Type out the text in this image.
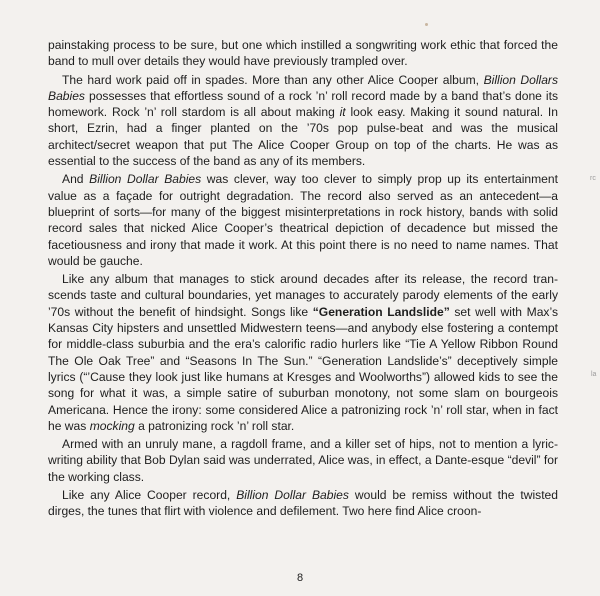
painstaking process to be sure, but one which instilled a songwriting work ethic that forced the band to mull over details they would have previously trampled over.

The hard work paid off in spades. More than any other Alice Cooper album, Billion Dollars Babies possesses that effortless sound of a rock ’n’ roll record made by a band that’s done its homework. Rock ’n’ roll stardom is all about making it look easy. Making it sound natural. In short, Ezrin, had a finger planted on the ’70s pop pulse-beat and was the musical architect/secret weapon that put The Alice Cooper Group on top of the charts. He was as essential to the success of the band as any of its members.

And Billion Dollar Babies was clever, way too clever to simply prop up its entertainment value as a façade for outright degradation. The record also served as an antecedent—a blueprint of sorts—for many of the biggest misinterpretations in rock history, bands with solid record sales that nicked Alice Cooper’s theatrical depiction of decadence but missed the facetiousness and irony that made it work. At this point there is no need to name names. That would be gauche.

Like any album that manages to stick around decades after its release, the record tran-scends taste and cultural boundaries, yet manages to accurately parody elements of the early ’70s without the benefit of hindsight. Songs like “Generation Landslide” set well with Max’s Kansas City hipsters and unsettled Midwestern teens—and anybody else fostering a contempt for middle-class suburbia and the era’s calorific radio hurlers like “Tie A Yellow Ribbon Round The Ole Oak Tree” and “Seasons In The Sun.” “Generation Landslide’s” deceptively simple lyrics (“’Cause they look just like humans at Kresges and Woolworths”) allowed kids to see the song for what it was, a simple satire of suburban monotony, not some slam on bourgeois Americana. Hence the irony: some considered Alice a patronizing rock ’n’ roll star, when in fact he was mocking a patronizing rock ’n’ roll star.

Armed with an unruly mane, a ragdoll frame, and a killer set of hips, not to mention a lyric-writing ability that Bob Dylan said was underrated, Alice was, in effect, a Dante-esque “devil” for the working class.

Like any Alice Cooper record, Billion Dollar Babies would be remiss without the twisted dirges, the tunes that flirt with violence and defilement. Two here find Alice croon-

8
rc
la
